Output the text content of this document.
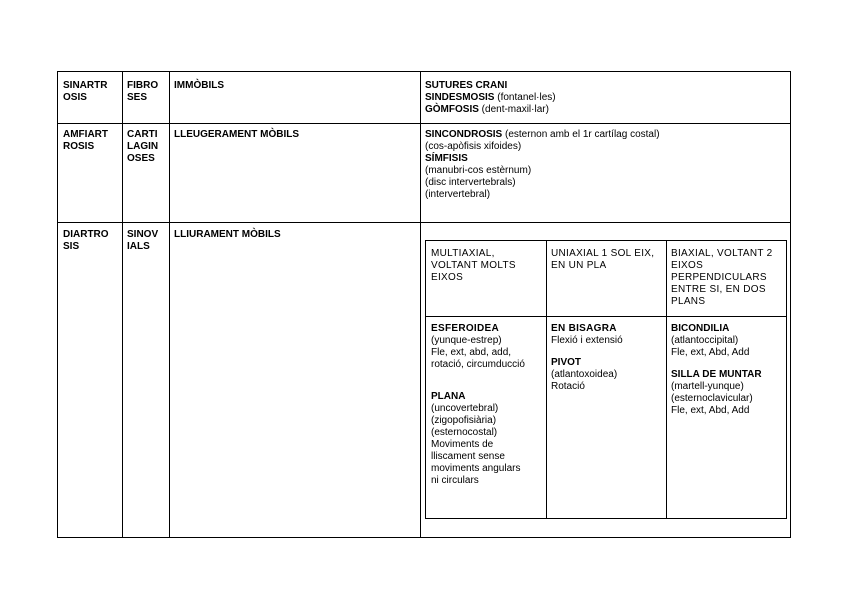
SINARTR OSIS
FIBRO SES
IMMÒBILS	SUTURES CRANI
SINDESMOSIS (fontanel·les)
GÒMFOSIS (dent-maxil·lar)
AMFIART ROSIS
CARTI LAGIN OSES
LLEUGERAMENT MÒBILS	SINCONDROSIS (esternon amb el 1r cartílag costal)
(cos-apòfisis xifoides)
SÍMFISIS
(manubri-cos estèrnum)
(disc intervertebrals)
(intervertebral)
DIARTRO SIS
SINOV IALS
LLIURAMENT MÒBILS
MULTIAXIAL, VOLTANT MOLTS EIXOS
UNIAXIAL 1 SOL EIX, EN UN PLA
BIAXIAL, VOLTANT 2 EIXOS PERPENDICULARS ENTRE SI, EN DOS PLANS
ESFEROIDEA
(yunque-estrep)
Fle, ext, abd, add,
rotació, circumducció
PLANA
(uncovertebral)
(zigopofisiària)
(esternocostal)
Moviments de
lliscament sense
moviments angulars
ni circulars
EN BISAGRA
Flexió i extensió
PIVOT
(atlantoxoidea)
Rotació
BICONDILIA
(atlantoccipital)
Fle, ext, Abd, Add
SILLA DE MUNTAR
(martell-yunque)
(esternoclavicular)
Fle, ext, Abd, Add
